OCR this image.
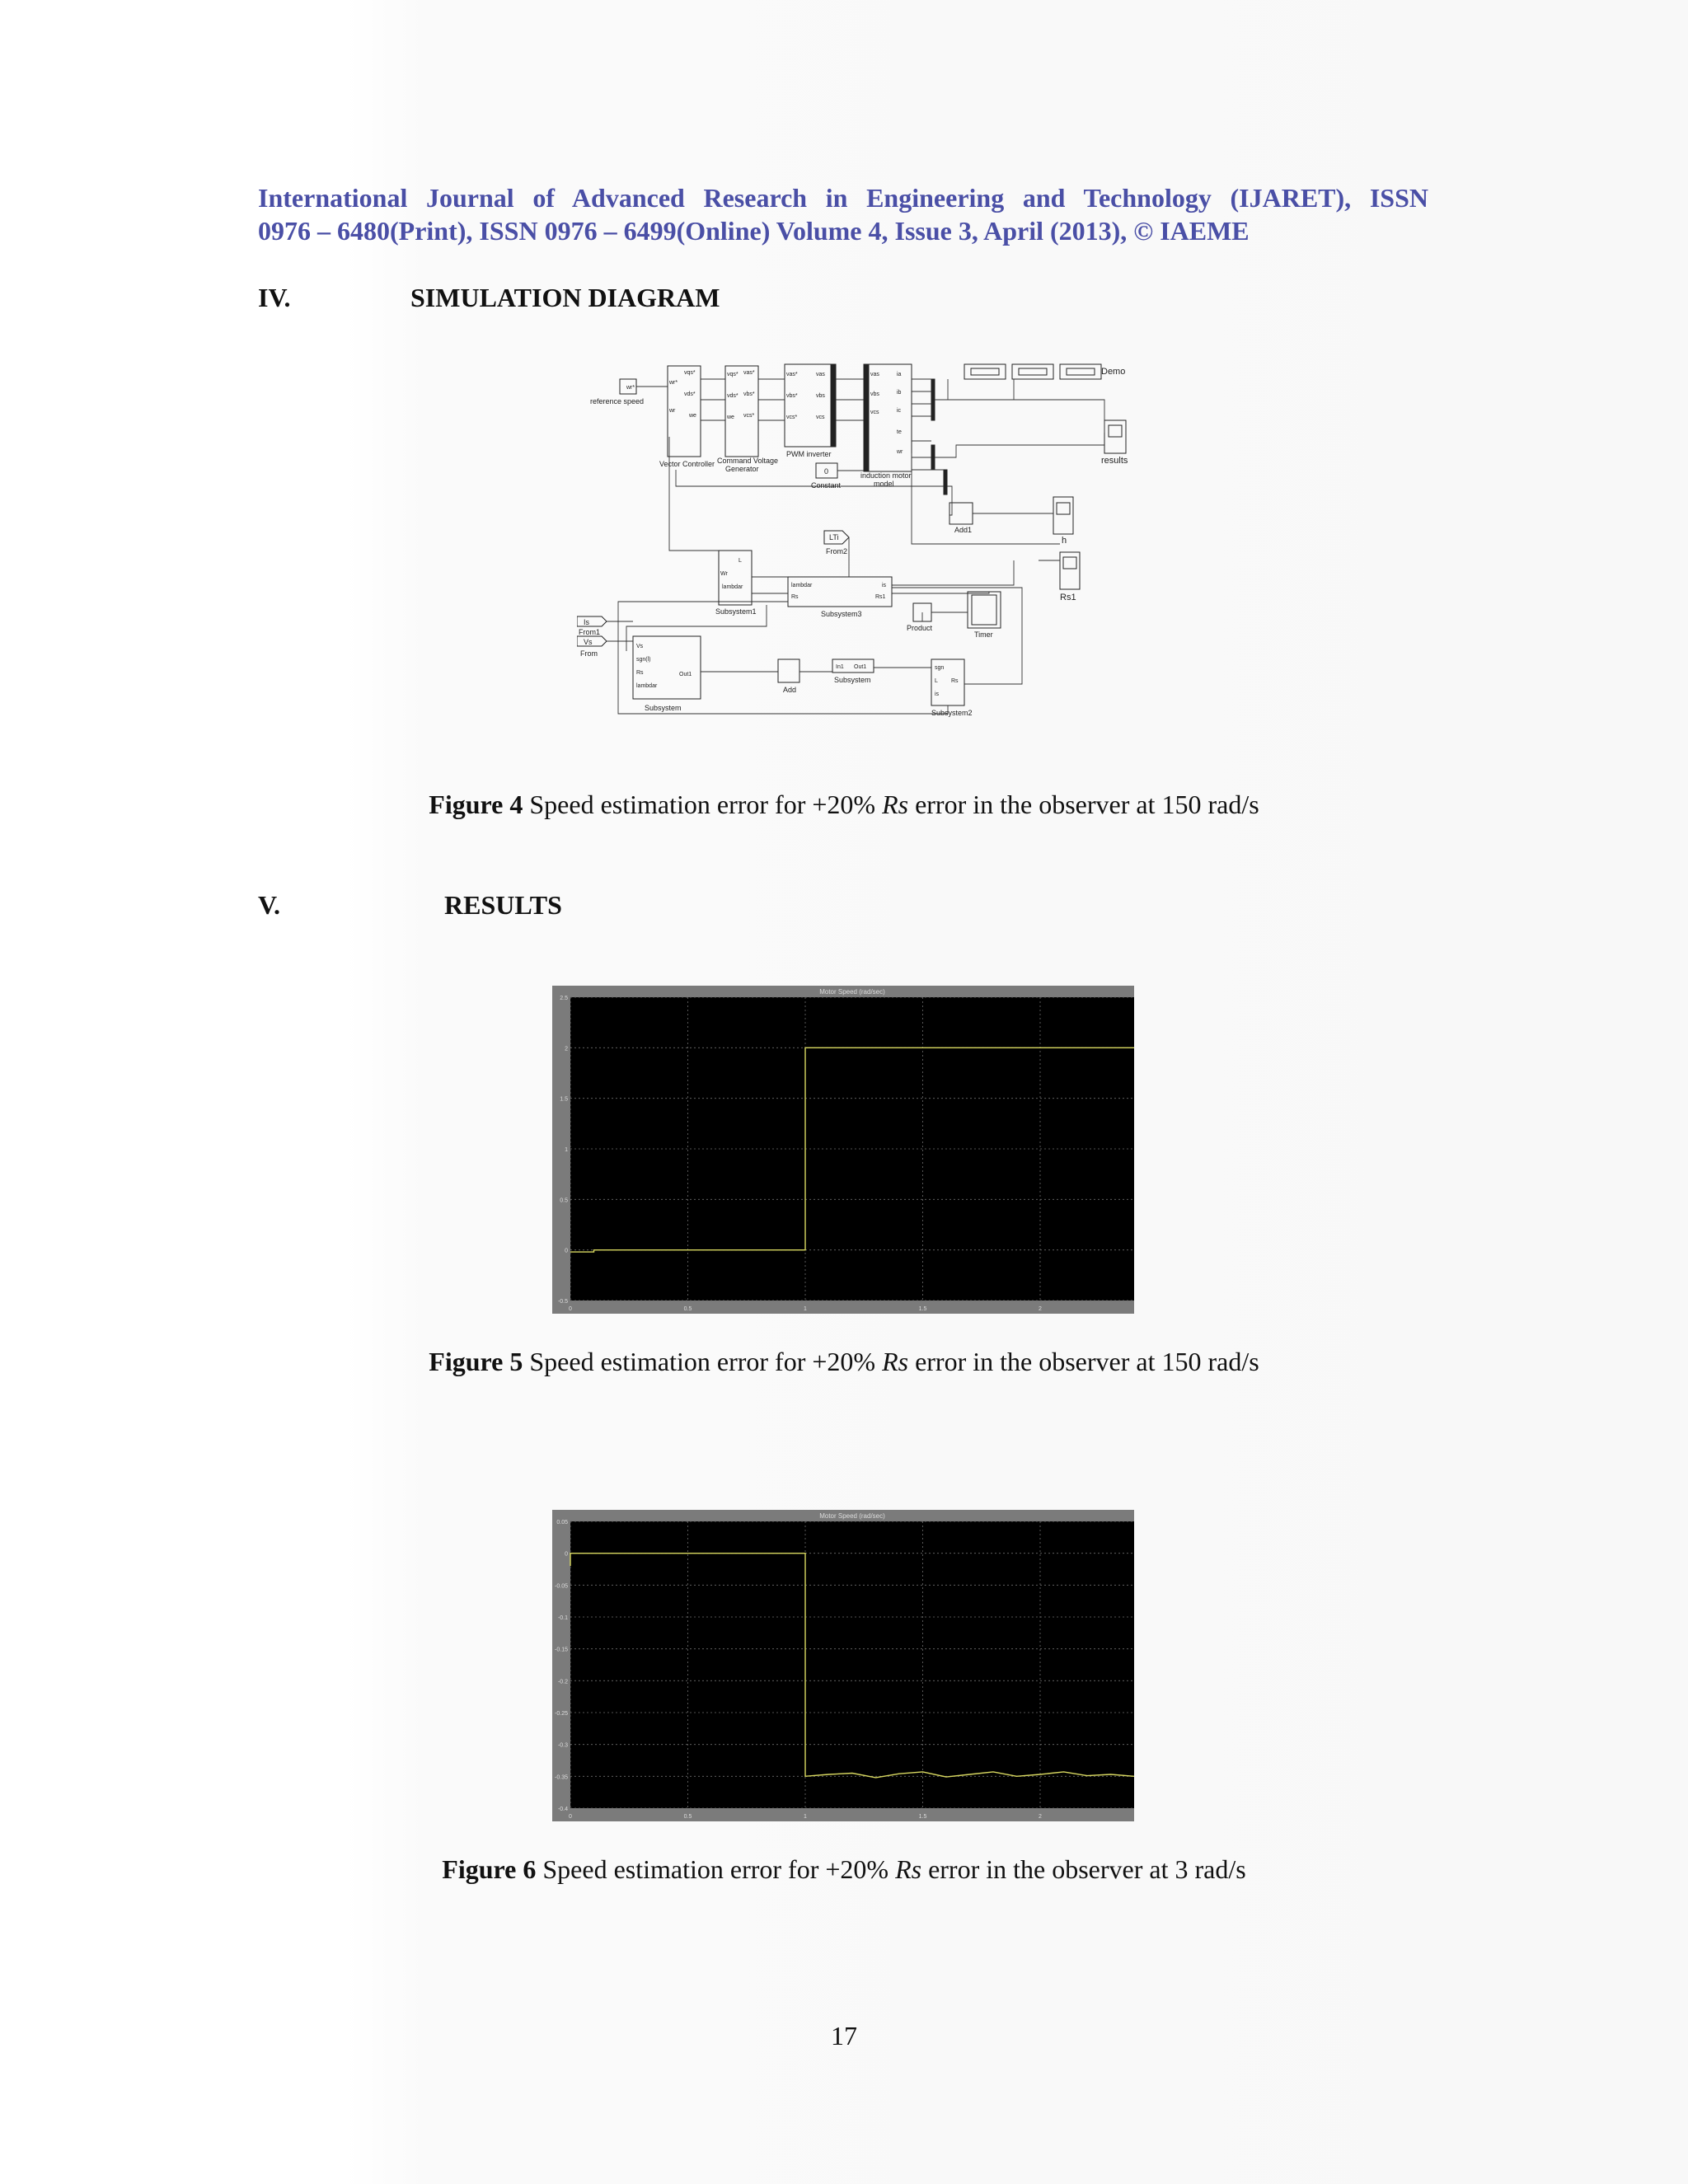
International Journal of Advanced Research in Engineering and Technology (IJARET), ISSN
0976 – 6480(Print), ISSN 0976 – 6499(Online) Volume 4, Issue 3, April (2013), © IAEME
IV.	SIMULATION DIAGRAM
reference speed
Vector Controller Command Voltage
Generator
PWM inverter
induction motor
model
0
Constant
Demo
results
Add1
h
LTi
From2
Rs1
Subsystem1	Subsystem3
Product
Timer
Is
From1
Vs
From
Subsystem
Add
Subsystem
Subsystem2
wr*
wr*
vqs*
vds*
we
wr
vqs*
vds*
we
vas*
vbs*
vcs*
vas*
vbs*
vcs*
vas
vbs
vcs
vas
vbs
vcs
ia
ib
ic
te
wr
L
Wr
lambdar	lambdar
Rs
is
Rs1
Vs
sgn(l)
Rs
lambdar
Out1
In1 Out1	sgn
L Rs
is
Figure 4 Speed estimation error for +20% Rs error in the observer at 150 rad/s
V.	RESULTS
Motor Speed (rad/sec)
-0.5
0
0.5
1
1.5
2
2.5
0	0.5	1	1.5	2
Figure 5 Speed estimation error for +20% Rs error in the observer at 150 rad/s
Motor Speed (rad/sec)
0.05
0
-0.05
-0.1
-0.15
-0.2
-0.25
-0.3
-0.35
-0.4
0	0.5	1	1.5	2
Figure 6 Speed estimation error for +20% Rs error in the observer at 3 rad/s
17
